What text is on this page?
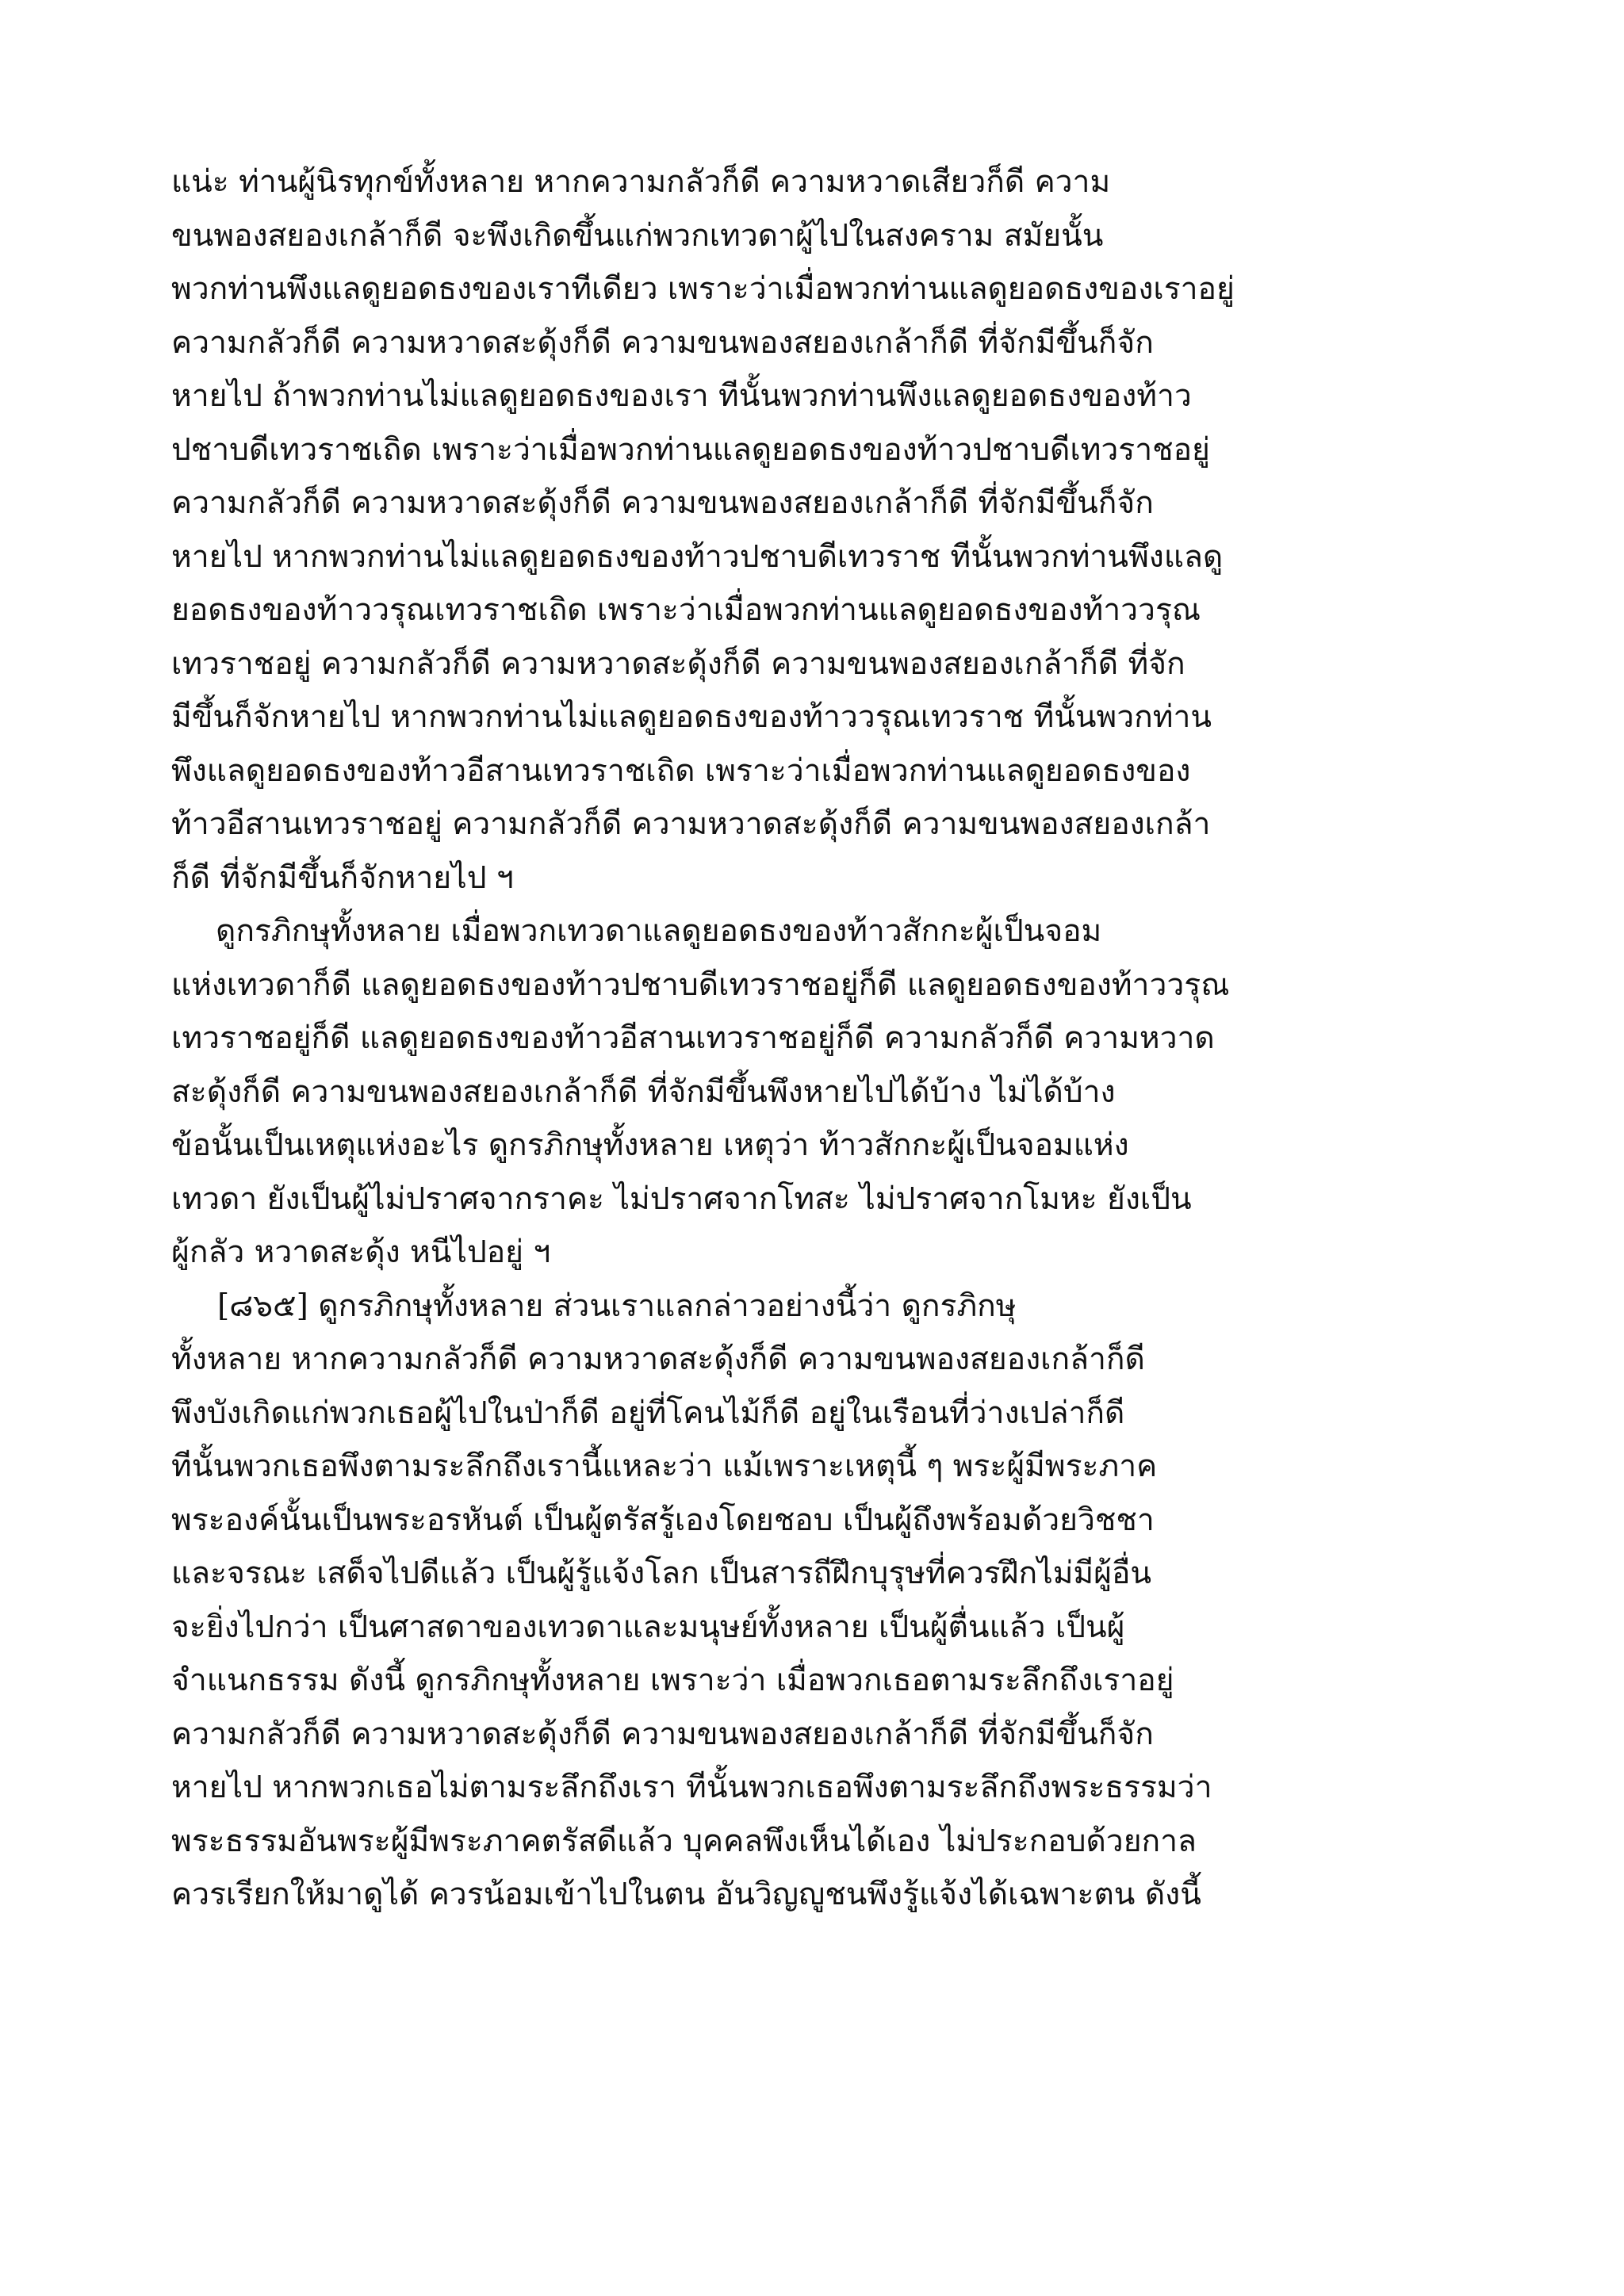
แน่ะ ท่านผู้นิรทุกข์ทั้งหลาย หากความกลัวก็ดี ความหวาดเสียวก็ดี ความ
ขนพองสยองเกล้าก็ดี จะพึงเกิดขึ้นแก่พวกเทวดาผู้ไปในสงคราม สมัยนั้น
พวกท่านพึงแลดูยอดธงของเราทีเดียว เพราะว่าเมื่อพวกท่านแลดูยอดธงของเราอยู่
ความกลัวก็ดี ความหวาดสะดุ้งก็ดี ความขนพองสยองเกล้าก็ดี ที่จักมีขึ้นก็จัก
หายไป ถ้าพวกท่านไม่แลดูยอดธงของเรา ทีนั้นพวกท่านพึงแลดูยอดธงของท้าว
ปชาบดีเทวราชเถิด เพราะว่าเมื่อพวกท่านแลดูยอดธงของท้าวปชาบดีเทวราชอยู่
ความกลัวก็ดี ความหวาดสะดุ้งก็ดี ความขนพองสยองเกล้าก็ดี ที่จักมีขึ้นก็จัก
หายไป หากพวกท่านไม่แลดูยอดธงของท้าวปชาบดีเทวราช ทีนั้นพวกท่านพึงแลดู
ยอดธงของท้าววรุณเทวราชเถิด เพราะว่าเมื่อพวกท่านแลดูยอดธงของท้าววรุณ
เทวราชอยู่ ความกลัวก็ดี ความหวาดสะดุ้งก็ดี ความขนพองสยองเกล้าก็ดี ที่จัก
มีขึ้นก็จักหายไป หากพวกท่านไม่แลดูยอดธงของท้าววรุณเทวราช ทีนั้นพวกท่าน
พึงแลดูยอดธงของท้าวอีสานเทวราชเถิด เพราะว่าเมื่อพวกท่านแลดูยอดธงของ
ท้าวอีสานเทวราชอยู่ ความกลัวก็ดี ความหวาดสะดุ้งก็ดี ความขนพองสยองเกล้า
ก็ดี ที่จักมีขึ้นก็จักหายไป ฯ
ดูกรภิกษุทั้งหลาย เมื่อพวกเทวดาแลดูยอดธงของท้าวสักกะผู้เป็นจอม
แห่งเทวดาก็ดี แลดูยอดธงของท้าวปชาบดีเทวราชอยู่ก็ดี แลดูยอดธงของท้าววรุณ
เทวราชอยู่ก็ดี แลดูยอดธงของท้าวอีสานเทวราชอยู่ก็ดี ความกลัวก็ดี ความหวาด
สะดุ้งก็ดี ความขนพองสยองเกล้าก็ดี ที่จักมีขึ้นพึงหายไปได้บ้าง ไม่ได้บ้าง
ข้อนั้นเป็นเหตุแห่งอะไร ดูกรภิกษุทั้งหลาย เหตุว่า ท้าวสักกะผู้เป็นจอมแห่ง
เทวดา ยังเป็นผู้ไม่ปราศจากราคะ ไม่ปราศจากโทสะ ไม่ปราศจากโมหะ ยังเป็น
ผู้กลัว หวาดสะดุ้ง หนีไปอยู่ ฯ
[๘๖๕] ดูกรภิกษุทั้งหลาย ส่วนเราแลกล่าวอย่างนี้ว่า ดูกรภิกษุ
ทั้งหลาย หากความกลัวก็ดี ความหวาดสะดุ้งก็ดี ความขนพองสยองเกล้าก็ดี
พึงบังเกิดแก่พวกเธอผู้ไปในป่าก็ดี อยู่ที่โคนไม้ก็ดี อยู่ในเรือนที่ว่างเปล่าก็ดี
ทีนั้นพวกเธอพึงตามระลึกถึงเรานี้แหละว่า แม้เพราะเหตุนี้ ๆ พระผู้มีพระภาค
พระองค์นั้นเป็นพระอรหันต์ เป็นผู้ตรัสรู้เองโดยชอบ เป็นผู้ถึงพร้อมด้วยวิชชา
และจรณะ เสด็จไปดีแล้ว เป็นผู้รู้แจ้งโลก เป็นสารถีฝึกบุรุษที่ควรฝึกไม่มีผู้อื่น
จะยิ่งไปกว่า เป็นศาสดาของเทวดาและมนุษย์ทั้งหลาย เป็นผู้ตื่นแล้ว เป็นผู้
จำแนกธรรม ดังนี้ ดูกรภิกษุทั้งหลาย เพราะว่า เมื่อพวกเธอตามระลึกถึงเราอยู่
ความกลัวก็ดี ความหวาดสะดุ้งก็ดี ความขนพองสยองเกล้าก็ดี ที่จักมีขึ้นก็จัก
หายไป หากพวกเธอไม่ตามระลึกถึงเรา ทีนั้นพวกเธอพึงตามระลึกถึงพระธรรมว่า
พระธรรมอันพระผู้มีพระภาคตรัสดีแล้ว บุคคลพึงเห็นได้เอง ไม่ประกอบด้วยกาล
ควรเรียกให้มาดูได้ ควรน้อมเข้าไปในตน อันวิญญูชนพึงรู้แจ้งได้เฉพาะตน ดังนี้
